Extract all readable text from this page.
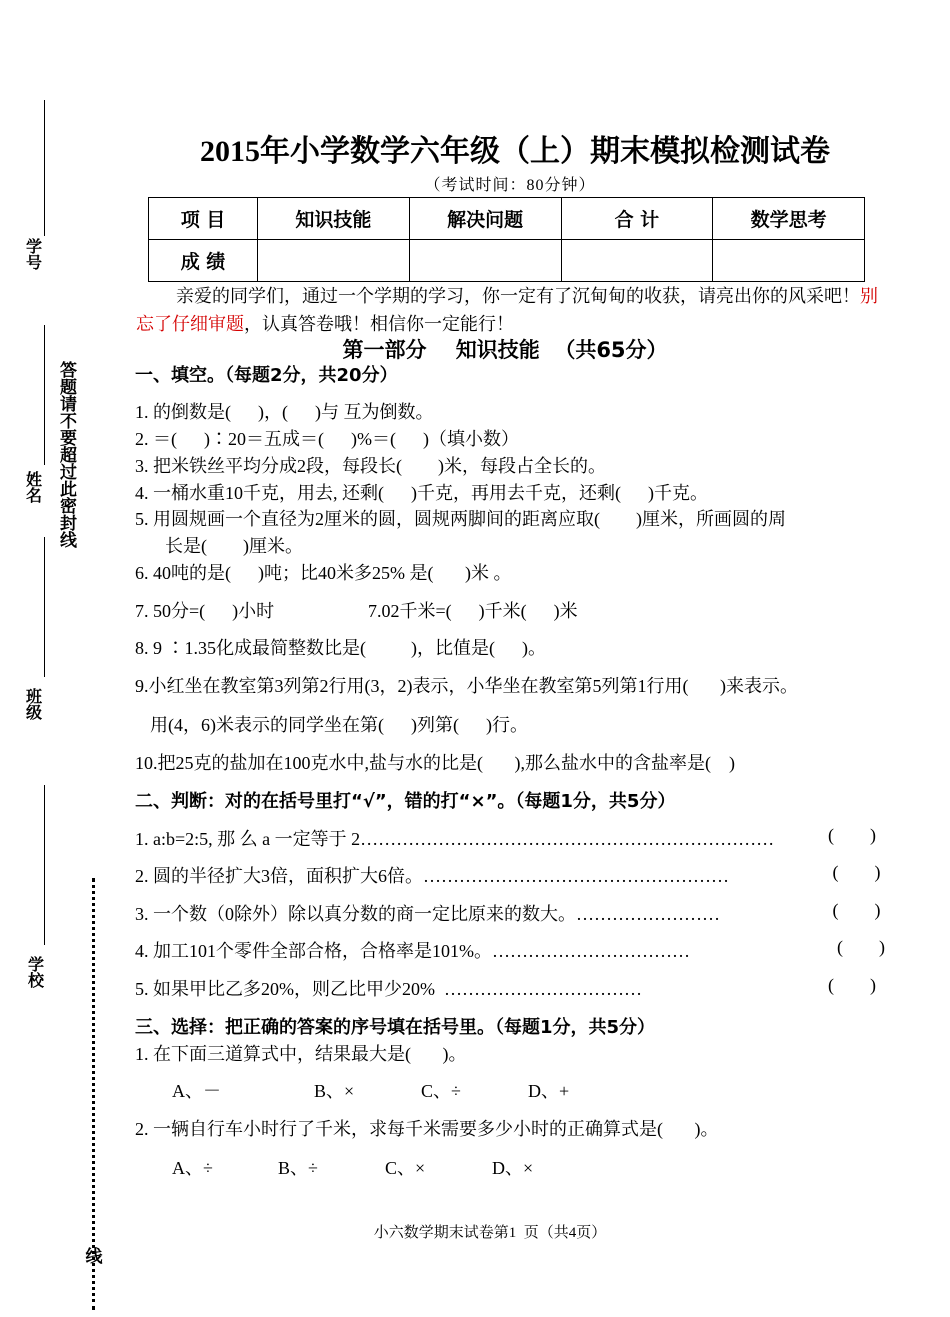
学号
姓名
班级
学校
答题请不要超过此密封线
线
2015年小学数学六年级（上）期末模拟检测试卷
（考试时间：80分钟）
项 目	知识技能	解决问题	合 计	数学思考
成 绩				
亲爱的同学们，通过一个学期的学习，你一定有了沉甸甸的收获，请亮出你的风采吧！别忘了仔细审题，认真答卷哦！相信你一定能行！
第一部分    知识技能  （共65分）
一、填空。（每题2分，共20分）
1. 的倒数是(      )，(      )与 互为倒数。
2. ＝(      )∶20＝五成＝(      )%＝(      )（填小数）
3. 把米铁丝平均分成2段，每段长(        )米，每段占全长的。
4. 一桶水重10千克，用去, 还剩(      )千克，再用去千克，还剩(      )千克。
5. 用圆规画一个直径为2厘米的圆，圆规两脚间的距离应取(        )厘米，所画圆的周
长是(        )厘米。
6. 40吨的是(      )吨；比40米多25% 是(       )米 。
7. 50分=(      )小时	7.02千米=(      )千米(      )米
8. 9 ∶1.35化成最简整数比是(          )，比值是(      )。
9.小红坐在教室第3列第2行用(3，2)表示，小华坐在教室第5列第1行用(       )来表示。
用(4，6)米表示的同学坐在第(      )列第(      )行。
10.把25克的盐加在100克水中,盐与水的比是(       ),那么盐水中的含盐率是(    )
二、判断：对的在括号里打“√”，错的打“×”。（每题1分，共5分）
1. a:b=2:5, 那 么 a 一定等于 2……………………………………………………………	(        )
2. 圆的半径扩大3倍，面积扩大6倍。……………………………………………	(        )
3. 一个数（0除外）除以真分数的商一定比原来的数大。……………………	(        )
4. 加工101个零件全部合格，合格率是101%。……………………………	(        )
5. 如果甲比乙多20%，则乙比甲少20%  ……………………………	(        )
三、选择：把正确的答案的序号填在括号里。（每题1分，共5分）
1. 在下面三道算式中，结果最大是(       )。
A、－	B、×	C、÷	D、+
2. 一辆自行车小时行了千米，求每千米需要多少小时的正确算式是(       )。
A、÷	B、÷	C、×	D、×
小六数学期末试卷第1  页（共4页）
